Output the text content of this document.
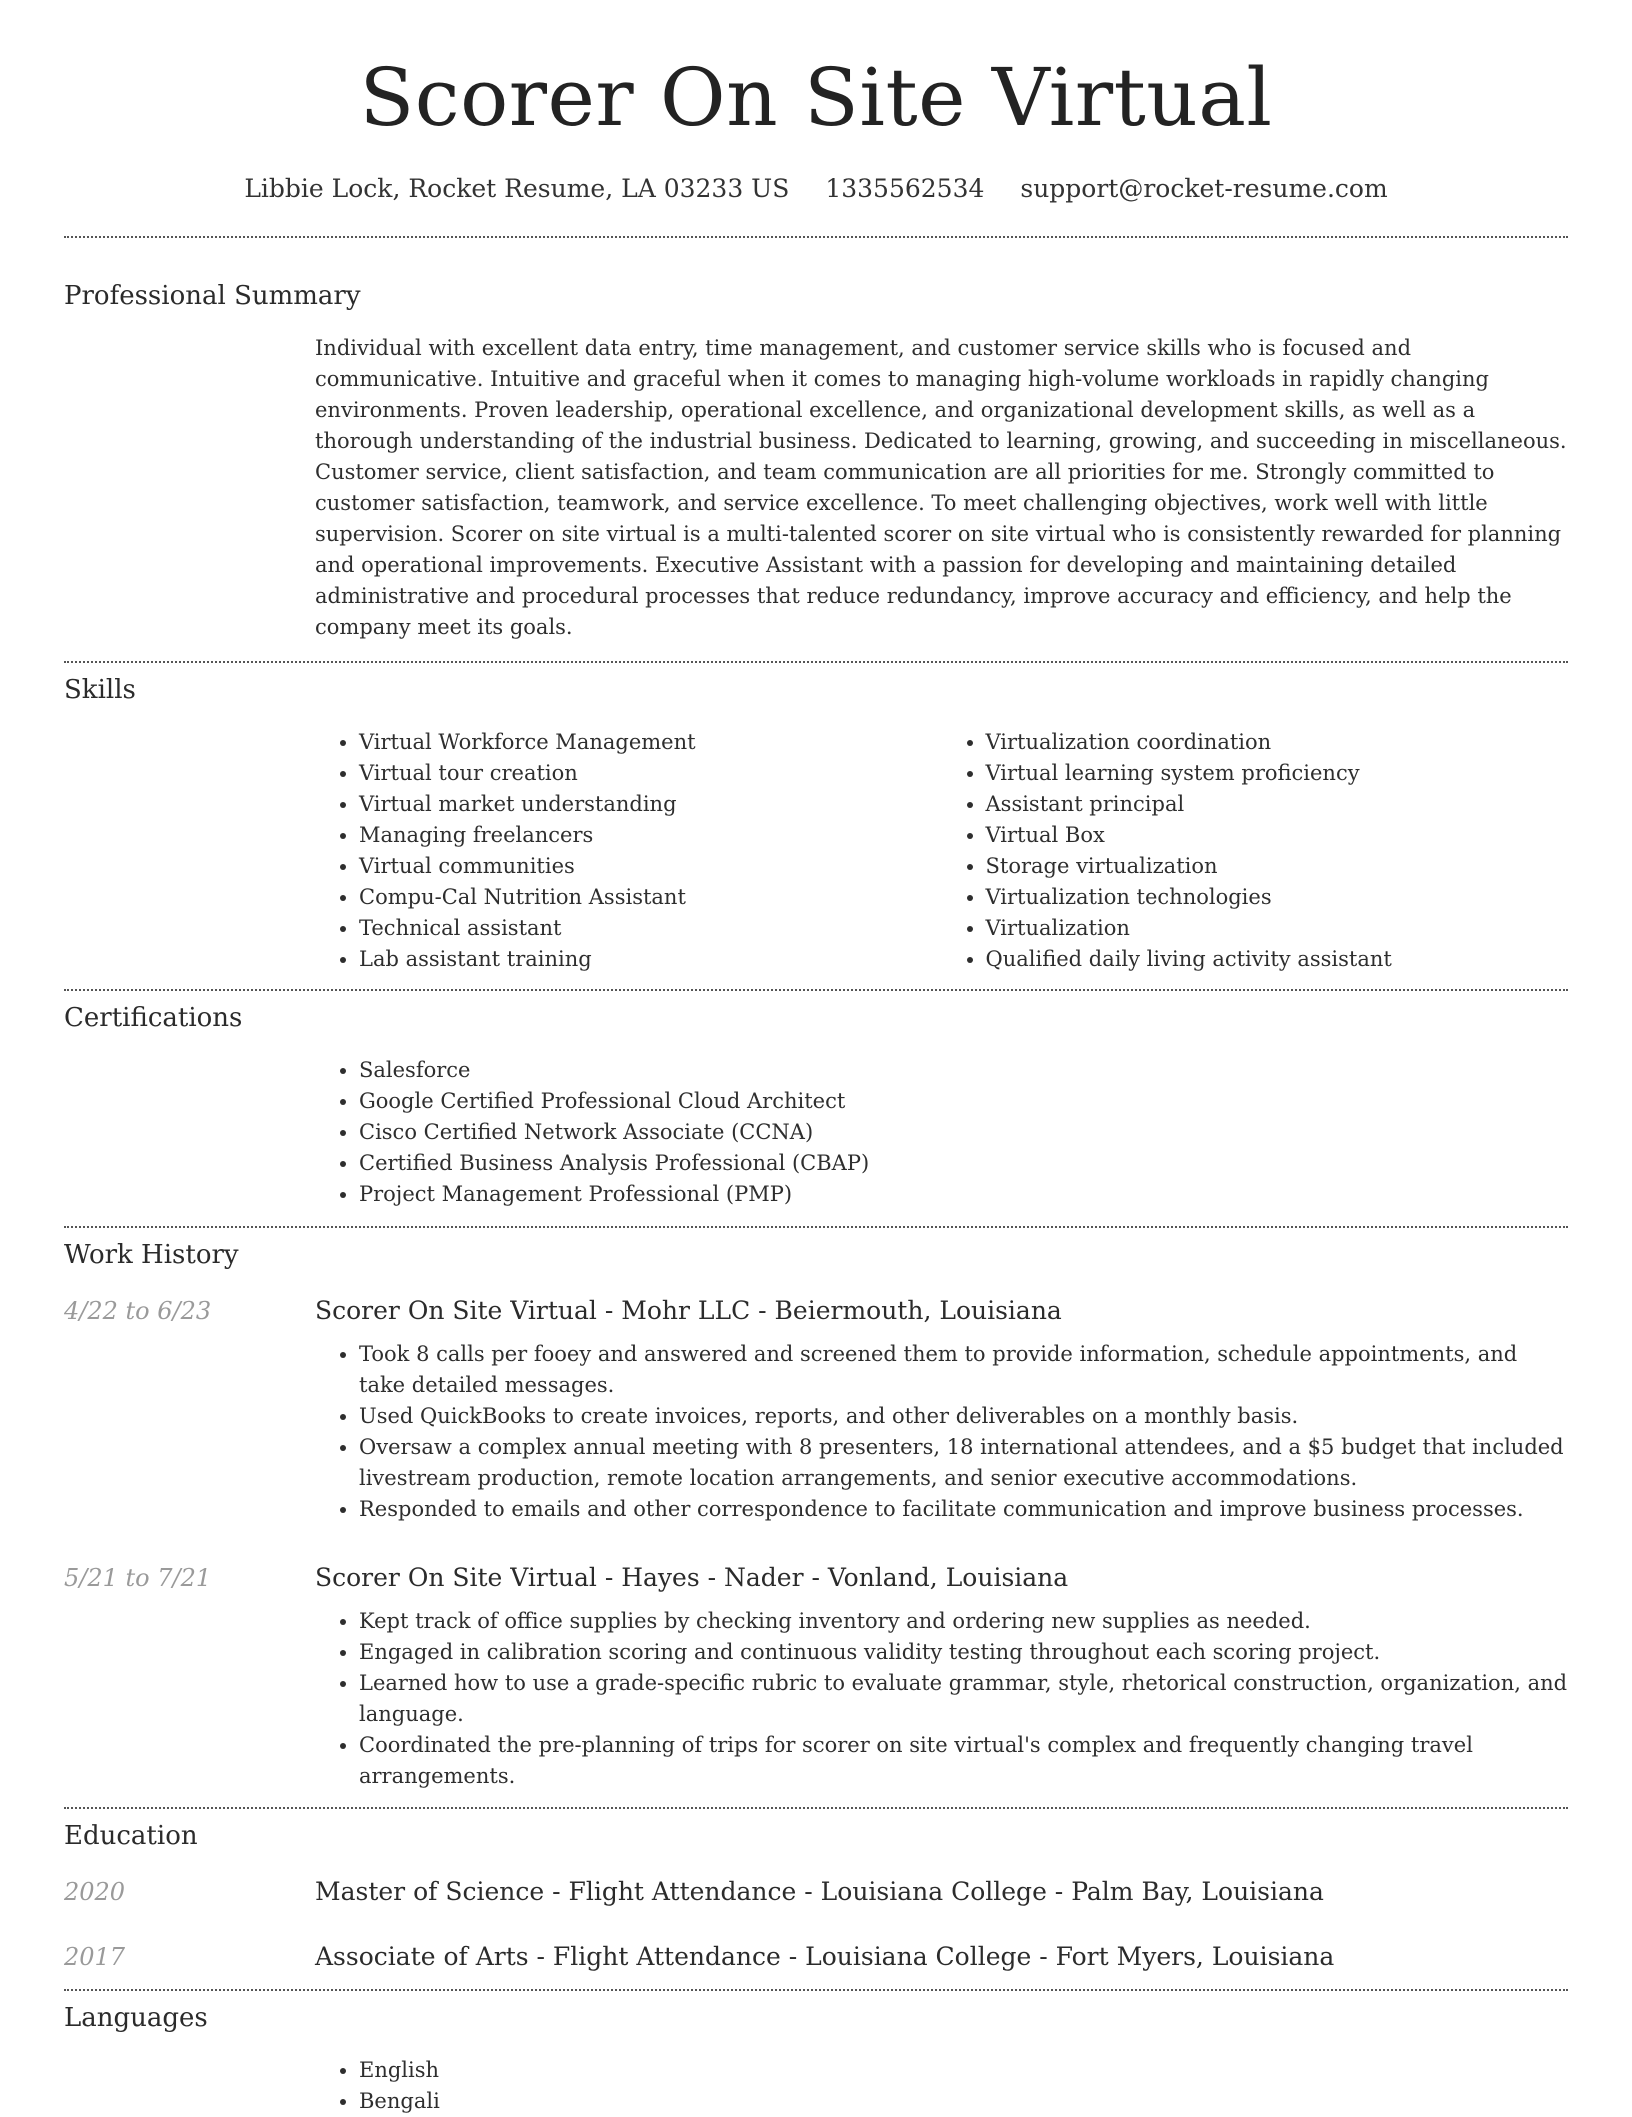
Scorer On Site Virtual
Libbie Lock, Rocket Resume, LA 03233 US 1335562534 support@rocket-resume.com
Professional Summary
Individual with excellent data entry, time management, and customer service skills who is focused and communicative. Intuitive and graceful when it comes to managing high-volume workloads in rapidly changing environments. Proven leadership, operational excellence, and organizational development skills, as well as a thorough understanding of the industrial business. Dedicated to learning, growing, and succeeding in miscellaneous. Customer service, client satisfaction, and team communication are all priorities for me. Strongly committed to customer satisfaction, teamwork, and service excellence. To meet challenging objectives, work well with little supervision. Scorer on site virtual is a multi-talented scorer on site virtual who is consistently rewarded for planning and operational improvements. Executive Assistant with a passion for developing and maintaining detailed administrative and procedural processes that reduce redundancy, improve accuracy and efficiency, and help the company meet its goals.
Skills
• Virtual Workforce Management
• Virtual tour creation
• Virtual market understanding
• Managing freelancers
• Virtual communities
• Compu-Cal Nutrition Assistant
• Technical assistant
• Lab assistant training
• Virtualization coordination
• Virtual learning system proficiency
• Assistant principal
• Virtual Box
• Storage virtualization
• Virtualization technologies
• Virtualization
• Qualified daily living activity assistant
Certifications
• Salesforce
• Google Certified Professional Cloud Architect
• Cisco Certified Network Associate (CCNA)
• Certified Business Analysis Professional (CBAP)
• Project Management Professional (PMP)
Work History
4/22 to 6/23	Scorer On Site Virtual - Mohr LLC - Beiermouth, Louisiana
• Took 8 calls per fooey and answered and screened them to provide information, schedule appointments, and take detailed messages.
• Used QuickBooks to create invoices, reports, and other deliverables on a monthly basis.
• Oversaw a complex annual meeting with 8 presenters, 18 international attendees, and a $5 budget that included livestream production, remote location arrangements, and senior executive accommodations.
• Responded to emails and other correspondence to facilitate communication and improve business processes.
5/21 to 7/21	Scorer On Site Virtual - Hayes - Nader - Vonland, Louisiana
• Kept track of office supplies by checking inventory and ordering new supplies as needed.
• Engaged in calibration scoring and continuous validity testing throughout each scoring project.
• Learned how to use a grade-specific rubric to evaluate grammar, style, rhetorical construction, organization, and language.
• Coordinated the pre-planning of trips for scorer on site virtual's complex and frequently changing travel arrangements.
Education
2020	Master of Science - Flight Attendance - Louisiana College - Palm Bay, Louisiana
2017	Associate of Arts - Flight Attendance - Louisiana College - Fort Myers, Louisiana
Languages
• English
• Bengali
